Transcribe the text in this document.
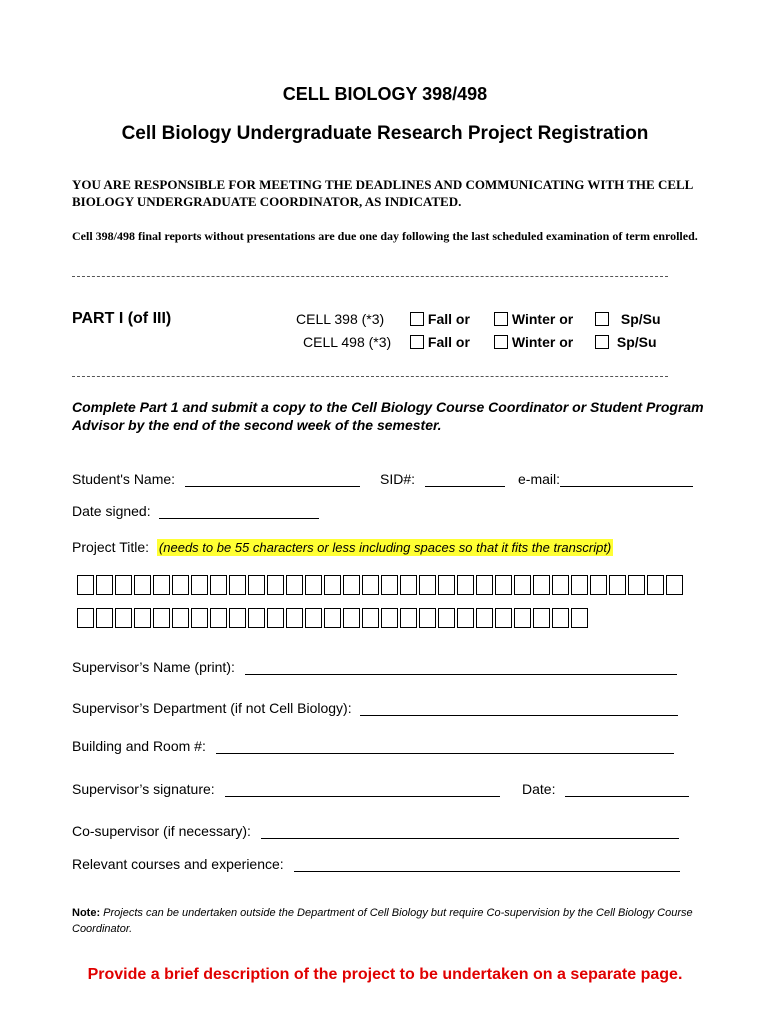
CELL BIOLOGY 398/498
Cell Biology Undergraduate Research Project Registration
YOU ARE RESPONSIBLE FOR MEETING THE DEADLINES AND COMMUNICATING WITH THE CELL BIOLOGY UNDERGRADUATE COORDINATOR, AS INDICATED.
Cell 398/498 final reports without presentations are due one day following the last scheduled examination of term enrolled.
PART I (of III)	CELL 398 (*3)	Fall or	Winter or	Sp/Su
CELL 498 (*3)	Fall or	Winter or	Sp/Su
Complete Part 1 and submit a copy to the Cell Biology Course Coordinator or Student Program Advisor by the end of the second week of the semester.
Student's Name:	SID#:	e-mail:
Date signed:
Project Title: (needs to be 55 characters or less including spaces so that it fits the transcript)
Supervisor’s Name (print):
Supervisor’s Department (if not Cell Biology):
Building and Room #:
Supervisor’s signature:	Date:
Co-supervisor (if necessary):
Relevant courses and experience:
Note: Projects can be undertaken outside the Department of Cell Biology but require Co-supervision by the Cell Biology Course Coordinator.
Provide a brief description of the project to be undertaken on a separate page.
